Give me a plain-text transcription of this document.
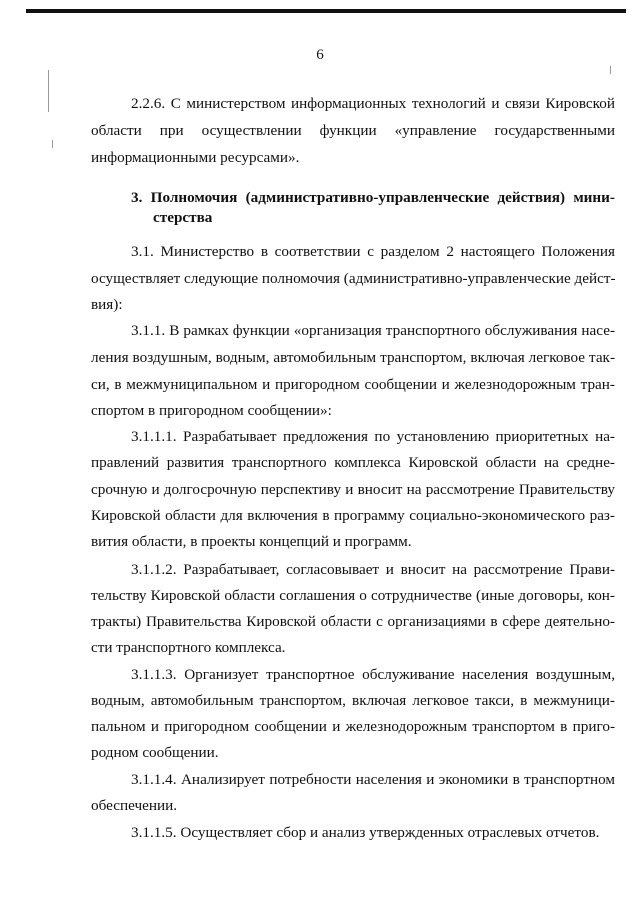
6
2.2.6. С министерством информационных технологий и связи Кировской
области при осуществлении функции «управление государственными
информационными ресурсами».
3. Полномочия (административно-управленческие действия) мини-
стерства
3.1. Министерство в соответствии с разделом 2 настоящего Положения
осуществляет следующие полномочия (административно-управленческие дейст-
вия):
3.1.1. В рамках функции «организация транспортного обслуживания насе-
ления воздушным, водным, автомобильным транспортом, включая легковое так-
си, в межмуниципальном и пригородном сообщении и железнодорожным тран-
спортом в пригородном сообщении»:
3.1.1.1. Разрабатывает предложения по установлению приоритетных на-
правлений развития транспортного комплекса Кировской области на средне-
срочную и долгосрочную перспективу и вносит на рассмотрение Правительству
Кировской области для включения в программу социально-экономического раз-
вития области, в проекты концепций и программ.
3.1.1.2. Разрабатывает, согласовывает и вносит на рассмотрение Прави-
тельству Кировской области соглашения о сотрудничестве (иные договоры, кон-
тракты) Правительства Кировской области с организациями в сфере деятельно-
сти транспортного комплекса.
3.1.1.3. Организует транспортное обслуживание населения воздушным,
водным, автомобильным транспортом, включая легковое такси, в межмуници-
пальном и пригородном сообщении и железнодорожным транспортом в приго-
родном сообщении.
3.1.1.4. Анализирует потребности населения и экономики в транспортном
обеспечении.
3.1.1.5. Осуществляет сбор и анализ утвержденных отраслевых отчетов.
